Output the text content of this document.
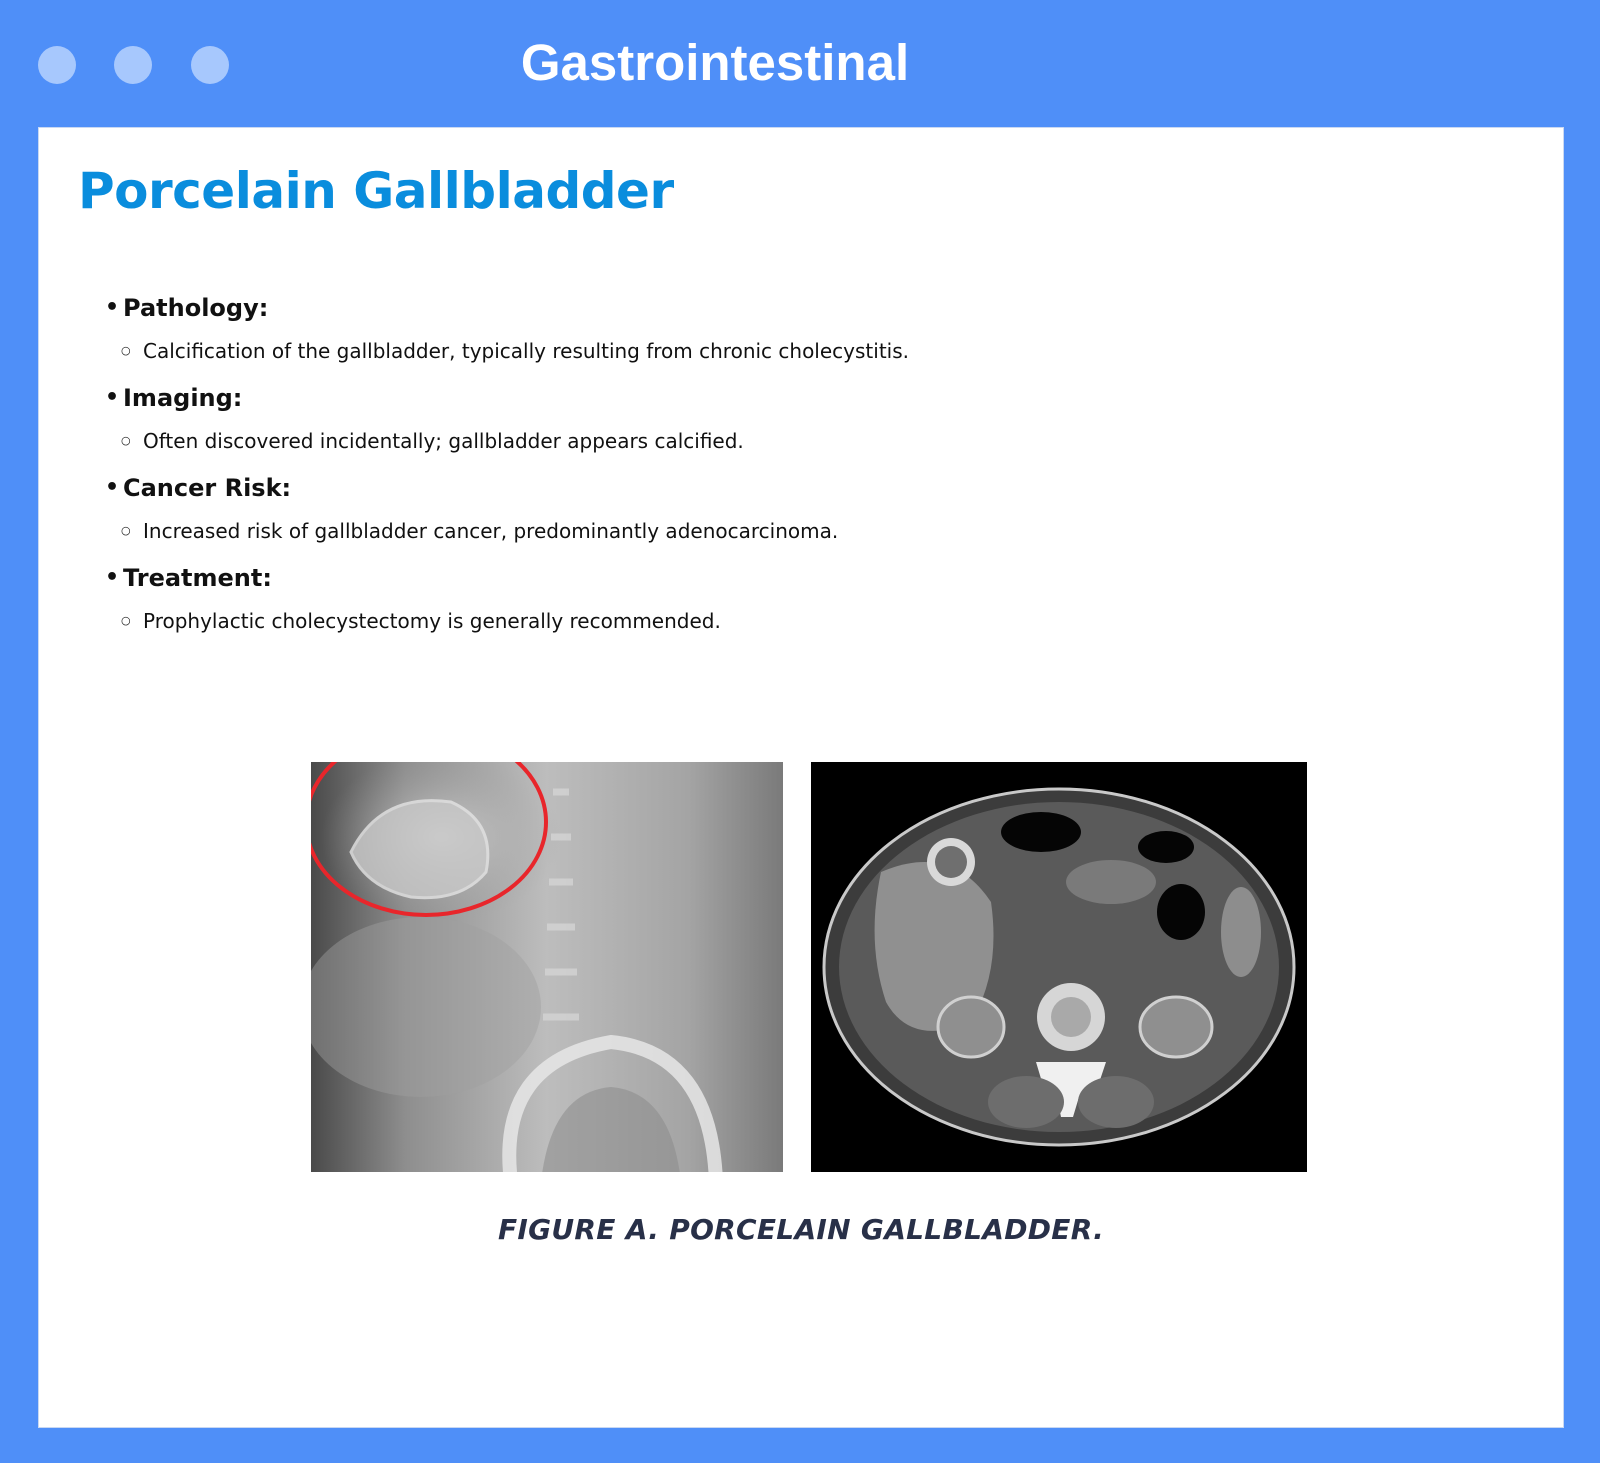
Gastrointestinal
Porcelain Gallbladder
• Pathology:
○ Calcification of the gallbladder, typically resulting from chronic cholecystitis.
• Imaging:
○ Often discovered incidentally; gallbladder appears calcified.
• Cancer Risk:
○ Increased risk of gallbladder cancer, predominantly adenocarcinoma.
• Treatment:
○ Prophylactic cholecystectomy is generally recommended.
FIGURE A. PORCELAIN GALLBLADDER.
